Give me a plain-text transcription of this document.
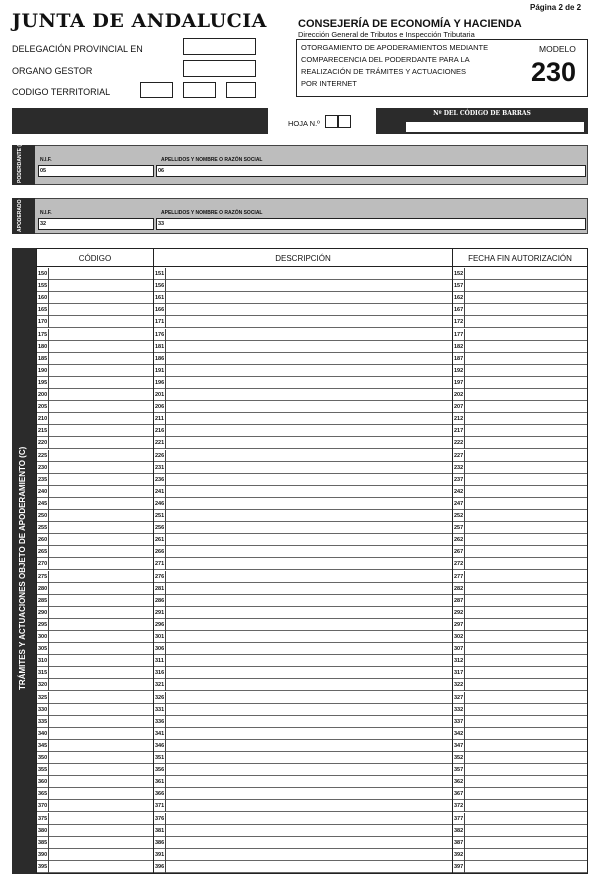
Página 2 de 2
JUNTA DE ANDALUCIA
DELEGACIÓN PROVINCIAL EN
ORGANO GESTOR
CODIGO TERRITORIAL
CONSEJERÍA DE ECONOMÍA Y HACIENDA
Dirección General de Tributos e Inspección Tributaria
OTORGAMIENTO DE APODERAMIENTOS MEDIANTE
COMPARECENCIA DEL PODERDANTE PARA LA
REALIZACIÓN DE TRÁMITES Y ACTUACIONES
POR INTERNET
MODELO
230
HOJA N.º
Nº DEL CÓDIGO DE BARRAS
PODERDANTE (A)	N.I.F.	APELLIDOS Y NOMBRE O RAZÓN SOCIAL
05	06
APODERADO (B)	N.I.F.	APELLIDOS Y NOMBRE O RAZÓN SOCIAL
32	33
TRÁMITES Y ACTUACIONES OBJETO DE APODERAMIENTO (C)
CÓDIGO	DESCRIPCIÓN	FECHA FIN AUTORIZACIÓN
150	151	152
155	156	157
160	161	162
165	166	167
170	171	172
175	176	177
180	181	182
185	186	187
190	191	192
195	196	197
200	201	202
205	206	207
210	211	212
215	216	217
220	221	222
225	226	227
230	231	232
235	236	237
240	241	242
245	246	247
250	251	252
255	256	257
260	261	262
265	266	267
270	271	272
275	276	277
280	281	282
285	286	287
290	291	292
295	296	297
300	301	302
305	306	307
310	311	312
315	316	317
320	321	322
325	326	327
330	331	332
335	336	337
340	341	342
345	346	347
350	351	352
355	356	357
360	361	362
365	366	367
370	371	372
375	376	377
380	381	382
385	386	387
390	391	392
395	396	397
